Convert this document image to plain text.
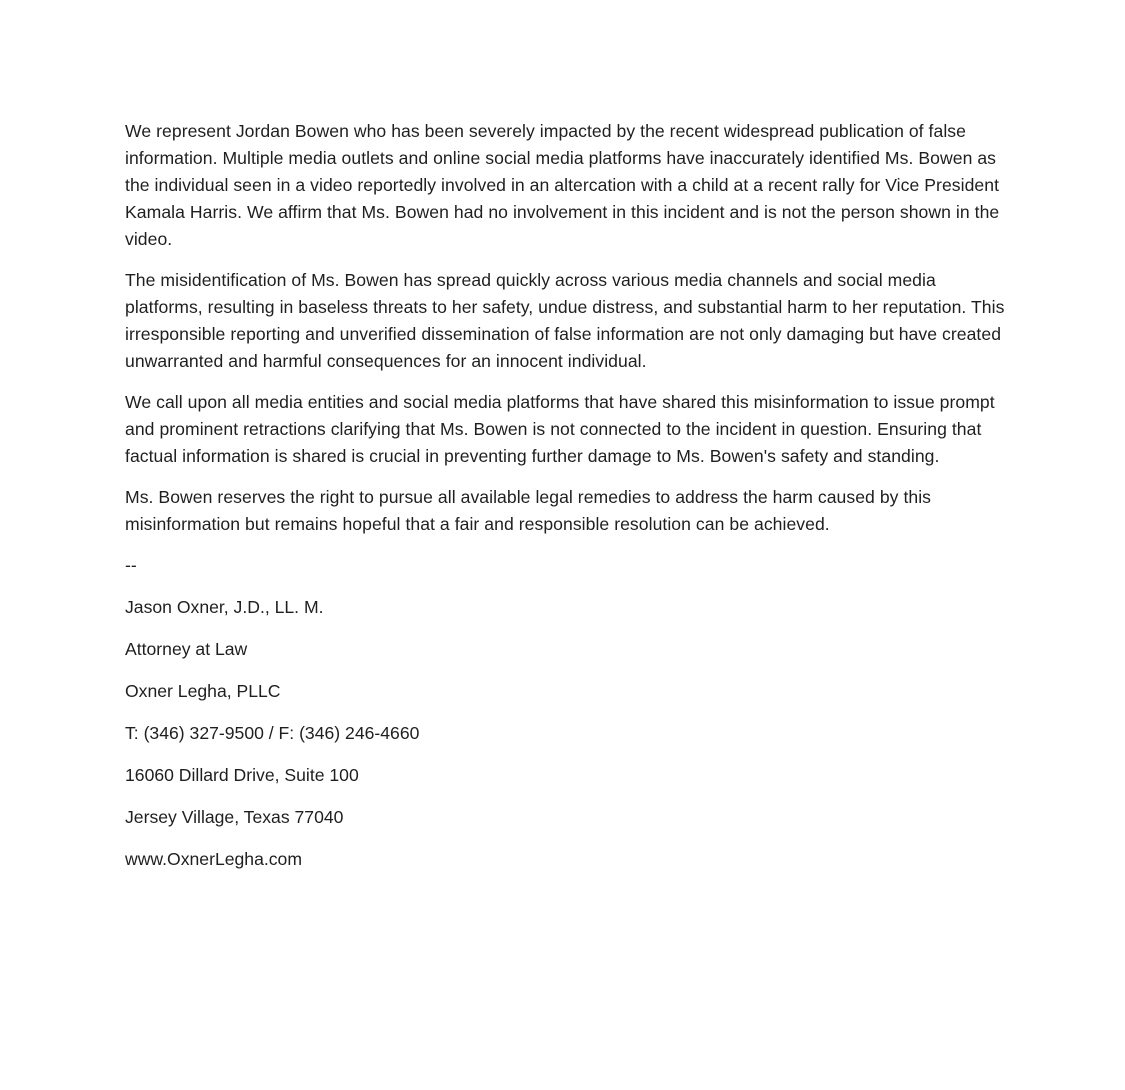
We represent Jordan Bowen who has been severely impacted by the recent widespread publication of false information. Multiple media outlets and online social media platforms have inaccurately identified Ms. Bowen as the individual seen in a video reportedly involved in an altercation with a child at a recent rally for Vice President Kamala Harris. We affirm that Ms. Bowen had no involvement in this incident and is not the person shown in the video.

The misidentification of Ms. Bowen has spread quickly across various media channels and social media platforms, resulting in baseless threats to her safety, undue distress, and substantial harm to her reputation. This irresponsible reporting and unverified dissemination of false information are not only damaging but have created unwarranted and harmful consequences for an innocent individual.

We call upon all media entities and social media platforms that have shared this misinformation to issue prompt and prominent retractions clarifying that Ms. Bowen is not connected to the incident in question. Ensuring that factual information is shared is crucial in preventing further damage to Ms. Bowen's safety and standing.

Ms. Bowen reserves the right to pursue all available legal remedies to address the harm caused by this misinformation but remains hopeful that a fair and responsible resolution can be achieved.

--

Jason Oxner, J.D., LL. M.

Attorney at Law

Oxner Legha, PLLC

T: (346) 327-9500 / F: (346) 246-4660

16060 Dillard Drive, Suite 100

Jersey Village, Texas 77040

www.OxnerLegha.com
